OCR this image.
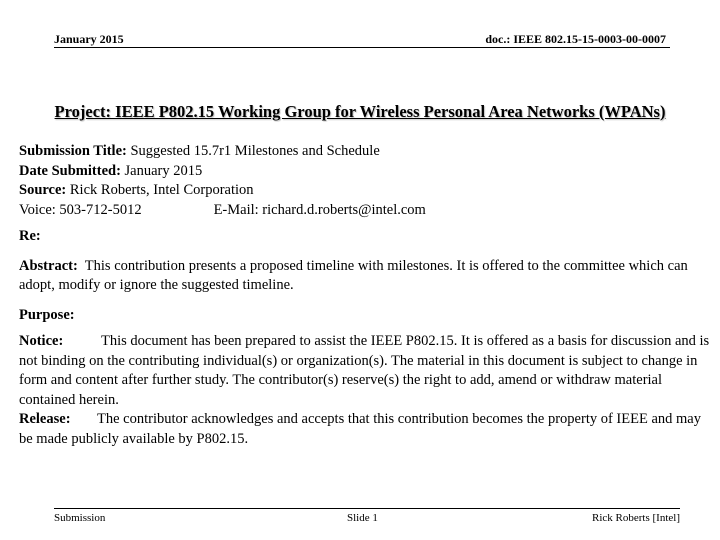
January 2015	doc.: IEEE 802.15-15-0003-00-0007
Project: IEEE P802.15 Working Group for Wireless Personal Area Networks (WPANs)

Submission Title: Suggested 15.7r1 Milestones and Schedule

Date Submitted: January 2015

Source: Rick Roberts, Intel Corporation

Voice: 503-712-5012	E-Mail: richard.d.roberts@intel.com

Re:

Abstract: This contribution presents a proposed timeline with milestones. It is offered to the committee which can adopt, modify or ignore the suggested timeline.

Purpose:

Notice:	This document has been prepared to assist the IEEE P802.15. It is offered as a basis for discussion and is not binding on the contributing individual(s) or organization(s). The material in this document is subject to change in form and content after further study. The contributor(s) reserve(s) the right to add, amend or withdraw material contained herein.

Release: The contributor acknowledges and accepts that this contribution becomes the property of IEEE and may be made publicly available by P802.15.

Submission	Slide 1	Rick Roberts [Intel]
